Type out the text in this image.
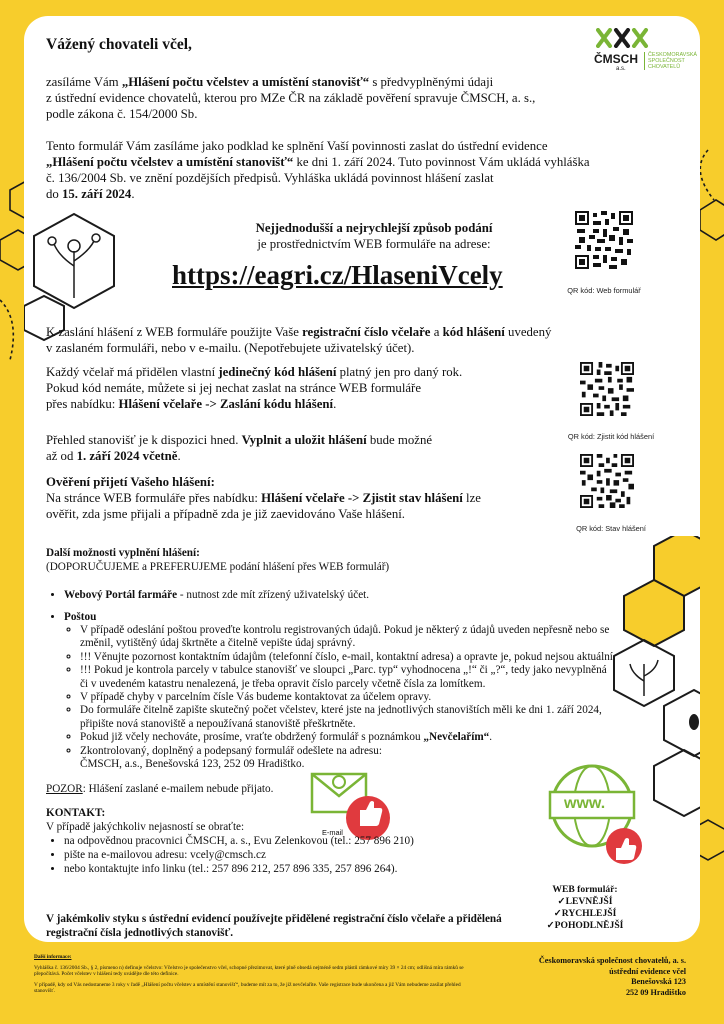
ČMSCH
a.s.
ČESKOMORAVSKÁ
SPOLEČNOST
CHOVATELŮ
Vážený chovateli včel,
zasíláme Vám „Hlášení počtu včelstev a umístění stanovišť“ s předvyplněnými údaji
z ústřední evidence chovatelů, kterou pro MZe ČR na základě pověření spravuje ČMSCH, a. s.,
podle zákona č. 154/2000 Sb.
Tento formulář Vám zasíláme jako podklad ke splnění Vaší povinnosti zaslat do ústřední evidence
„Hlášení počtu včelstev a umístění stanovišť“ ke dni 1. září 2024. Tuto povinnost Vám ukládá vyhláška
č. 136/2004 Sb. ve znění pozdějších předpisů. Vyhláška ukládá povinnost hlášení zaslat
do 15. září 2024.
Nejjednodušší a nejrychlejší způsob podání
je prostřednictvím WEB formuláře na adrese:
https://eagri.cz/HlaseniVcely
QR kód: Web formulář
K zaslání hlášení z WEB formuláře použijte Vaše registrační číslo včelaře a kód hlášení uvedený
v zaslaném formuláři, nebo v e-mailu. (Nepotřebujete uživatelský účet).
Každý včelař má přidělen vlastní jedinečný kód hlášení platný jen pro daný rok.
Pokud kód nemáte, můžete si jej nechat zaslat na stránce WEB formuláře
přes nabídku: Hlášení včelaře -> Zaslání kódu hlášení.
QR kód: Zjistit kód hlášení
Přehled stanovišť je k dispozici hned. Vyplnit a uložit hlášení bude možné
až od 1. září 2024 včetně.
Ověření přijetí Vašeho hlášení:
Na stránce WEB formuláře přes nabídku: Hlášení včelaře -> Zjistit stav hlášení lze
ověřit, zda jsme přijali a případně zda je již zaevidováno Vaše hlášení.
QR kód: Stav hlášení
Další možnosti vyplnění hlášení:
(DOPORUČUJEME a PREFERUJEME podání hlášení přes WEB formulář)
• Webový Portál farmáře - nutnost zde mít zřízený uživatelský účet.
• Poštou
◦ V případě odeslání poštou proveďte kontrolu registrovaných údajů. Pokud je některý z údajů uveden nepřesně nebo se změnil, vytištěný údaj škrtněte a čitelně vepište údaj správný.
◦ !!! Věnujte pozornost kontaktním údajům (telefonní číslo, e-mail, kontaktní adresa) a opravte je, pokud nejsou aktuální.
◦ !!! Pokud je kontrola parcely v tabulce stanovišť ve sloupci „Parc. typ“ vyhodnocena „!“ či „?“, tedy jako nevyplněná či v uvedeném katastru nenalezená, je třeba opravit číslo parcely včetně čísla za lomítkem.
◦ V případě chyby v parcelním čísle Vás budeme kontaktovat za účelem opravy.
◦ Do formuláře čitelně zapište skutečný počet včelstev, které jste na jednotlivých stanovištích měli ke dni 1. září 2024, připište nová stanoviště a nepoužívaná stanoviště přeškrtněte.
◦ Pokud již včely nechováte, prosíme, vraťte obdržený formulář s poznámkou „Nevčelařím“.
◦ Zkontrolovaný, doplněný a podepsaný formulář odešlete na adresu:
ČMSCH, a.s., Benešovská 123, 252 09 Hradištko.
POZOR: Hlášení zaslané e-mailem nebude přijato.
E-mail
www.
KONTAKT:
V případě jakýchkoliv nejasností se obraťte:
• na odpovědnou pracovnici ČMSCH, a. s., Evu Zelenkovou (tel.: 257 896 210)
• pište na e-mailovou adresu: vcely@cmsch.cz
• nebo kontaktujte info linku (tel.: 257 896 212, 257 896 335, 257 896 264).
V jakémkoliv styku s ústřední evidencí používejte přidělené registrační číslo včelaře a přidělená registrační čísla jednotlivých stanovišť.
WEB formulář:
✓LEVNĚJŠÍ
✓RYCHLEJŠÍ
✓POHODLNĚJŠÍ
Další informace:
Vyhláška č. 136/2004 Sb., § 2, písmeno n) definuje včelstvo: Včelstvo je společenstvo včel, schopné přezimovat, které plně obsedá nejméně sedm plástů rámkové míry 39 × 24 cm; odlišná míra rámků se přepočítává. Počet včelstev v hlášení tedy uvádějte dle této definice.
V případě, kdy od Vás nedostaneme 3 roky v řadě „Hlášení počtu včelstev a umístění stanovišť“, budeme mít za to, že již nevčelaříte. Vaše registrace bude ukončena a již Vám nebudeme zasílat přehled stanovišť.
Českomoravská společnost chovatelů, a. s.
ústřední evidence včel
Benešovská 123
252 09 Hradištko
